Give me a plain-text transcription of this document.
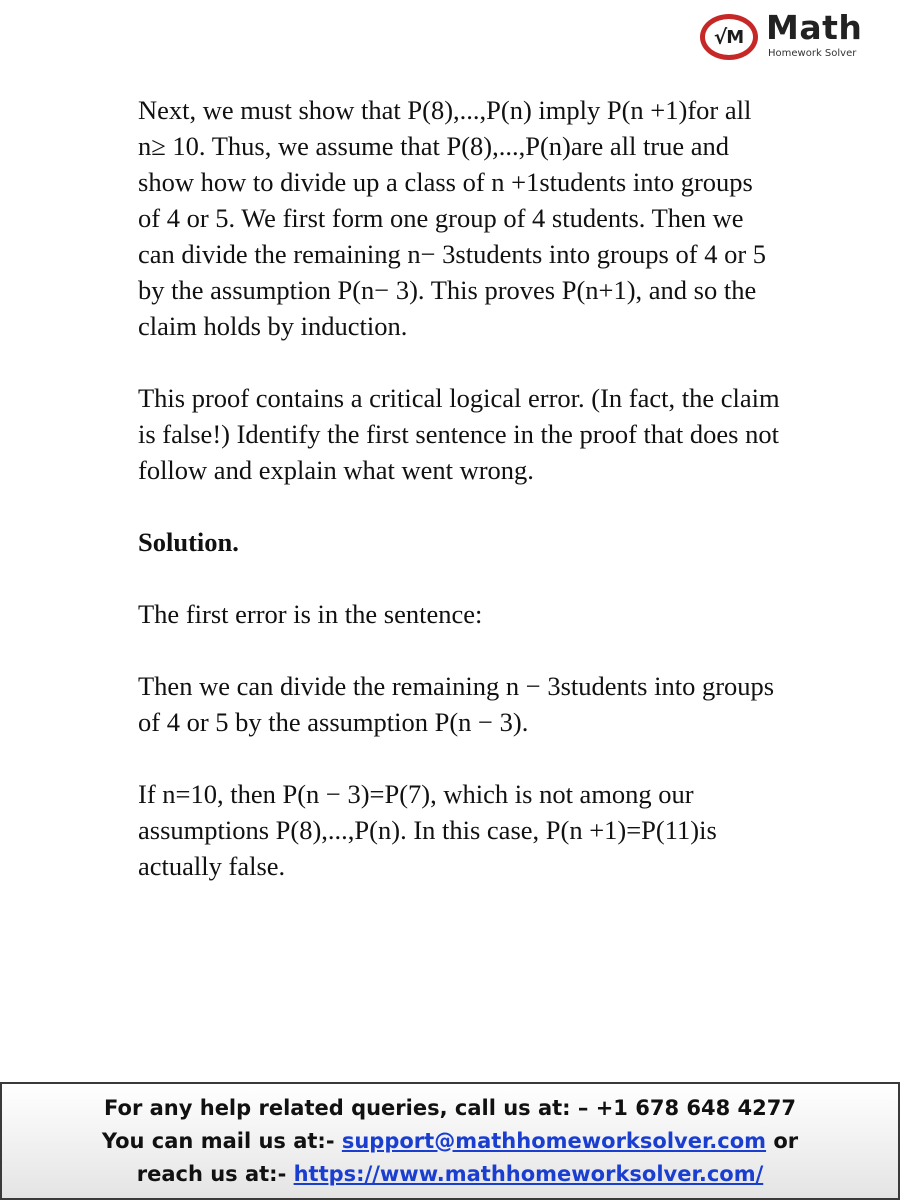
√ M Math
Homework Solver

Next, we must show that P(8),...,P(n) imply P(n +1)for all
n≥ 10. Thus, we assume that P(8),...,P(n)are all true and
show how to divide up a class of n +1students into groups
of 4 or 5. We first form one group of 4 students. Then we
can divide the remaining n− 3students into groups of 4 or 5
by the assumption P(n− 3). This proves P(n+1), and so the
claim holds by induction.

This proof contains a critical logical error. (In fact, the claim
is false!) Identify the first sentence in the proof that does not
follow and explain what went wrong.

Solution.

The first error is in the sentence:

Then we can divide the remaining n − 3students into groups
of 4 or 5 by the assumption P(n − 3).

If n=10, then P(n − 3)=P(7), which is not among our
assumptions P(8),...,P(n). In this case, P(n +1)=P(11)is
actually false.

For any help related queries, call us at: – +1 678 648 4277
You can mail us at:- support@mathhomeworksolver.com or
reach us at:- https://www.mathhomeworksolver.com/
